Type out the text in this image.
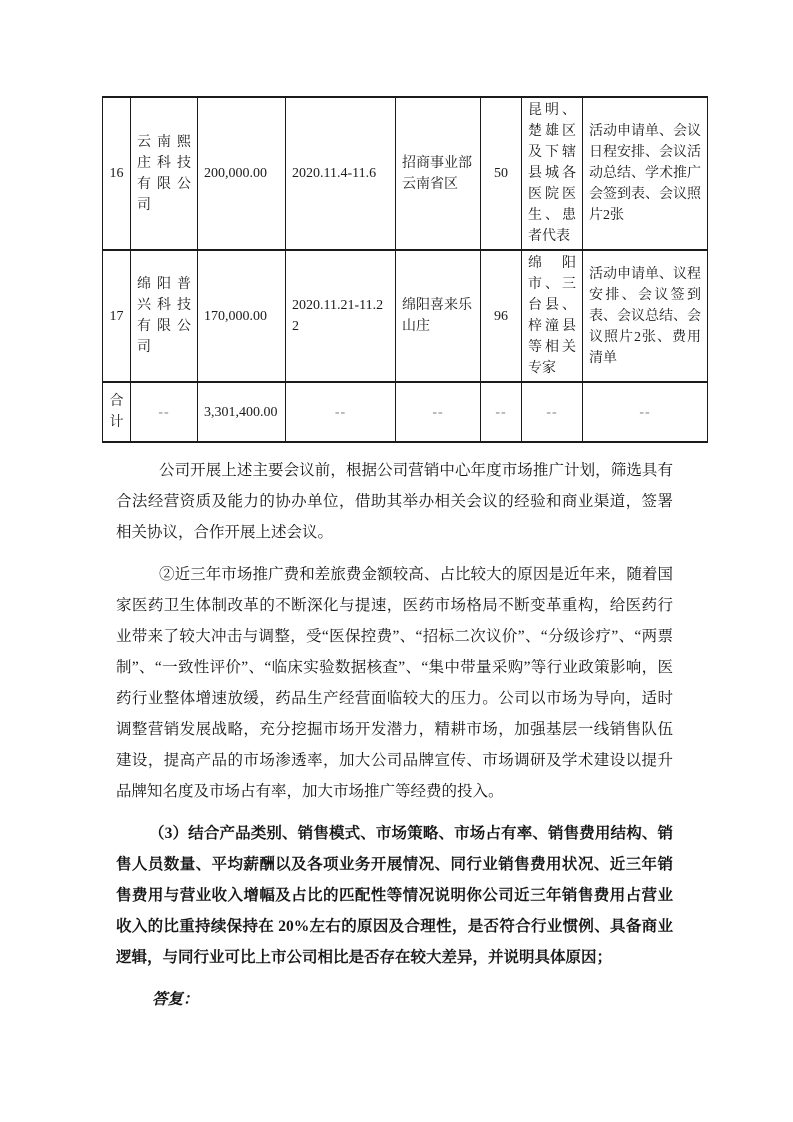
16	云南熙庄科技有限公司	200,000.00	2020.11.4-11.6	招商事业部云南省区	50	昆明、楚雄区及下辖县城各医院医生、患者代表	活动申请单、会议日程安排、会议活动总结、学术推广会签到表、会议照片2张
17	绵阳普兴科技有限公司	170,000.00	2020.11.21-11.22	绵阳喜来乐山庄	96	绵阳市、三台县、梓潼县等相关专家	活动申请单、议程安排、会议签到表、会议总结、会议照片2张、费用清单
合计	--	3,301,400.00	--	--	--	--	--

公司开展上述主要会议前，根据公司营销中心年度市场推广计划，筛选具有合法经营资质及能力的协办单位，借助其举办相关会议的经验和商业渠道，签署相关协议，合作开展上述会议。

②近三年市场推广费和差旅费金额较高、占比较大的原因是近年来，随着国家医药卫生体制改革的不断深化与提速，医药市场格局不断变革重构，给医药行业带来了较大冲击与调整，受“医保控费”、“招标二次议价”、“分级诊疗”、“两票制”、“一致性评价”、“临床实验数据核查”、“集中带量采购”等行业政策影响，医药行业整体增速放缓，药品生产经营面临较大的压力。公司以市场为导向，适时调整营销发展战略，充分挖掘市场开发潜力，精耕市场，加强基层一线销售队伍建设，提高产品的市场渗透率，加大公司品牌宣传、市场调研及学术建设以提升品牌知名度及市场占有率，加大市场推广等经费的投入。

（3）结合产品类别、销售模式、市场策略、市场占有率、销售费用结构、销售人员数量、平均薪酬以及各项业务开展情况、同行业销售费用状况、近三年销售费用与营业收入增幅及占比的匹配性等情况说明你公司近三年销售费用占营业收入的比重持续保持在 20%左右的原因及合理性，是否符合行业惯例、具备商业逻辑，与同行业可比上市公司相比是否存在较大差异，并说明具体原因；

答复：
